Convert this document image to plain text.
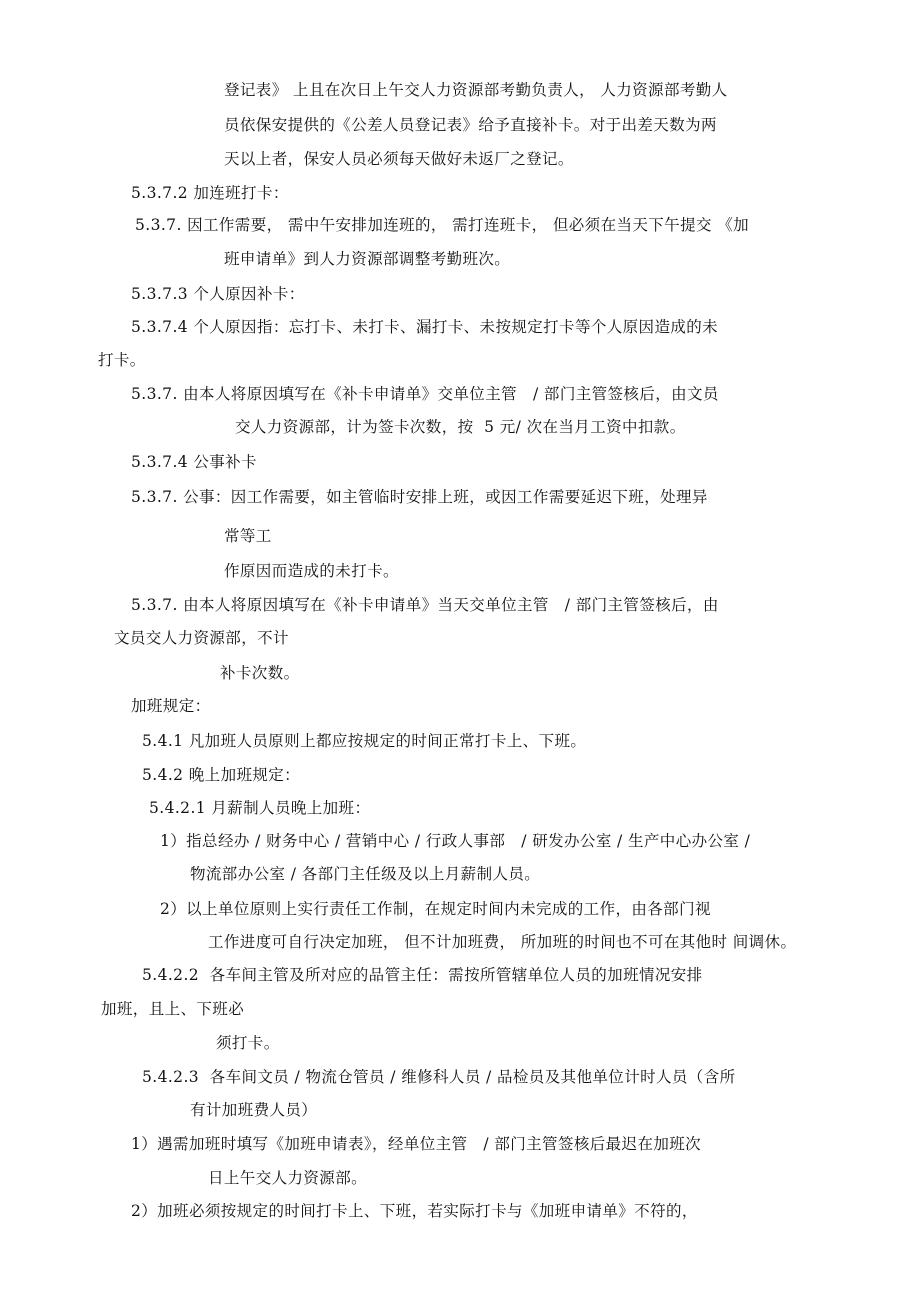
登记表》 上且在次日上午交人力资源部考勤负责人， 人力资源部考勤人
员依保安提供的《公差人员登记表》给予直接补卡。对于出差天数为两
天以上者，保安人员必须每天做好未返厂之登记。
5.3.7.2 加连班打卡：
5.3.7. 因工作需要， 需中午安排加连班的， 需打连班卡， 但必须在当天下午提交 《加
班申请单》到人力资源部调整考勤班次。
5.3.7.3 个人原因补卡：
5.3.7.4 个人原因指：忘打卡、未打卡、漏打卡、未按规定打卡等个人原因造成的未
打卡。
5.3.7. 由本人将原因填写在《补卡申请单》交单位主管   / 部门主管签核后，由文员
交人力资源部，计为签卡次数，按  5 元/ 次在当月工资中扣款。
5.3.7.4 公事补卡
5.3.7. 公事：因工作需要，如主管临时安排上班，或因工作需要延迟下班，处理异
常等工
作原因而造成的未打卡。
5.3.7. 由本人将原因填写在《补卡申请单》当天交单位主管   / 部门主管签核后，由
文员交人力资源部，不计
补卡次数。
加班规定：
5.4.1 凡加班人员原则上都应按规定的时间正常打卡上、下班。
5.4.2 晚上加班规定：
5.4.2.1 月薪制人员晚上加班：
1）指总经办 / 财务中心 / 营销中心 / 行政人事部   / 研发办公室 / 生产中心办公室 /
物流部办公室 / 各部门主任级及以上月薪制人员。
2）以上单位原则上实行责任工作制，在规定时间内未完成的工作，由各部门视
工作进度可自行决定加班， 但不计加班费， 所加班的时间也不可在其他时 间调休。
5.4.2.2  各车间主管及所对应的品管主任：需按所管辖单位人员的加班情况安排
加班，且上、下班必
须打卡。
5.4.2.3  各车间文员 / 物流仓管员 / 维修科人员 / 品检员及其他单位计时人员（含所
有计加班费人员）
1）遇需加班时填写《加班申请表》，经单位主管   / 部门主管签核后最迟在加班次
日上午交人力资源部。
2）加班必须按规定的时间打卡上、下班，若实际打卡与《加班申请单》不符的，
